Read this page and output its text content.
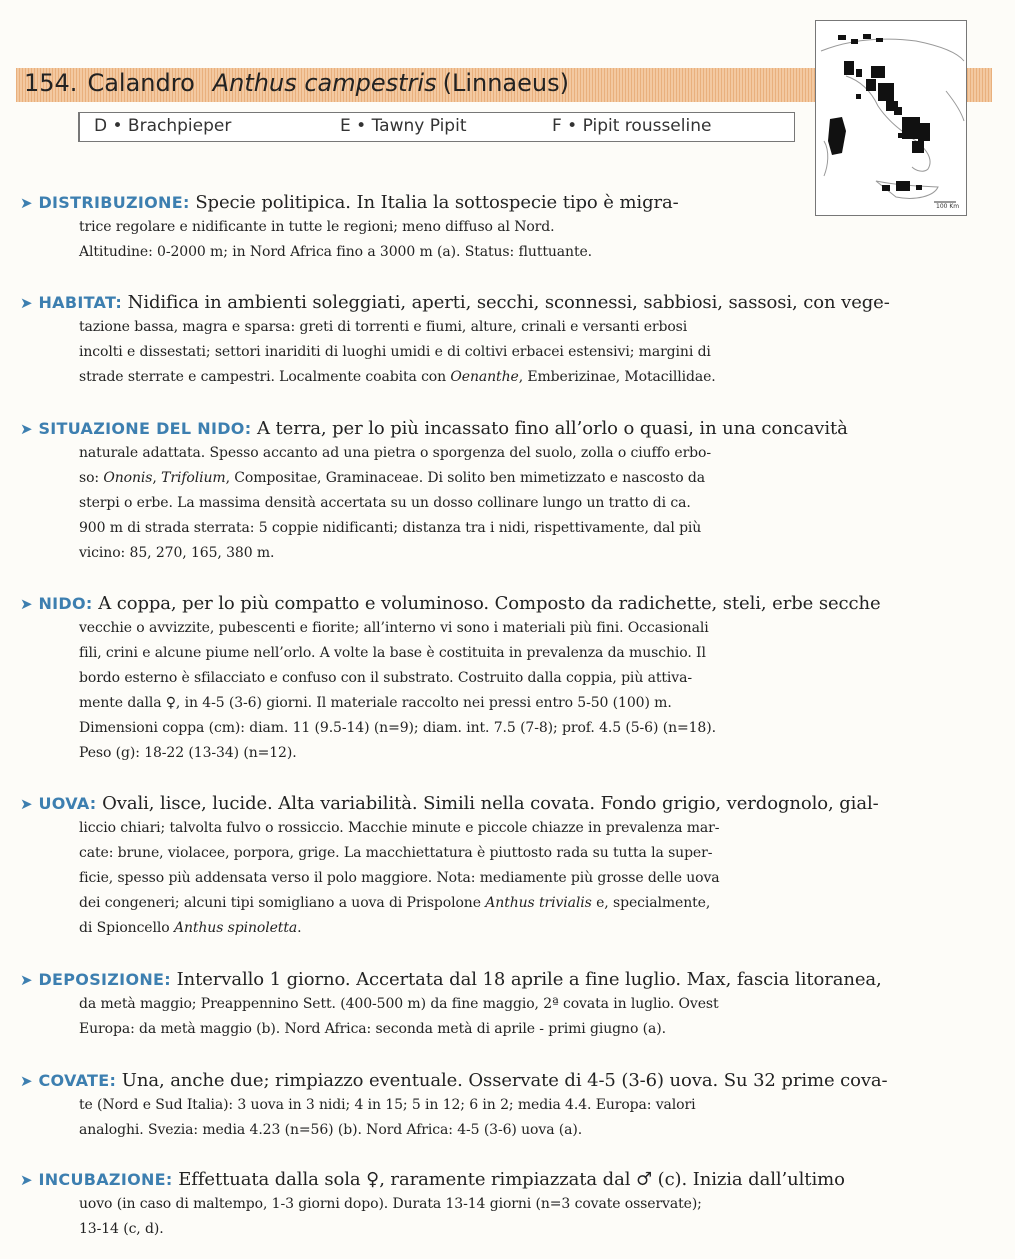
154. Calandro Anthus campestris (Linnaeus)
D • Brachpieper	E • Tawny Pipit	F • Pipit rousseline
100 Km
➤ DISTRIBUZIONE: Specie politipica. In Italia la sottospecie tipo è migra-
trice regolare e nidificante in tutte le regioni; meno diffuso al Nord.
Altitudine: 0-2000 m; in Nord Africa fino a 3000 m (a). Status: fluttuante.
➤ HABITAT: Nidifica in ambienti soleggiati, aperti, secchi, sconnessi, sabbiosi, sassosi, con vege-
tazione bassa, magra e sparsa: greti di torrenti e fiumi, alture, crinali e versanti erbosi
incolti e dissestati; settori inariditi di luoghi umidi e di coltivi erbacei estensivi; margini di
strade sterrate e campestri. Localmente coabita con Oenanthe, Emberizinae, Motacillidae.
➤ SITUAZIONE DEL NIDO: A terra, per lo più incassato fino all’orlo o quasi, in una concavità
naturale adattata. Spesso accanto ad una pietra o sporgenza del suolo, zolla o ciuffo erbo-
so: Ononis, Trifolium, Compositae, Graminaceae. Di solito ben mimetizzato e nascosto da
sterpi o erbe. La massima densità accertata su un dosso collinare lungo un tratto di ca.
900 m di strada sterrata: 5 coppie nidificanti; distanza tra i nidi, rispettivamente, dal più
vicino: 85, 270, 165, 380 m.
➤ NIDO: A coppa, per lo più compatto e voluminoso. Composto da radichette, steli, erbe secche
vecchie o avvizzite, pubescenti e fiorite; all’interno vi sono i materiali più fini. Occasionali
fili, crini e alcune piume nell’orlo. A volte la base è costituita in prevalenza da muschio. Il
bordo esterno è sfilacciato e confuso con il substrato. Costruito dalla coppia, più attiva-
mente dalla ♀, in 4-5 (3-6) giorni. Il materiale raccolto nei pressi entro 5-50 (100) m.
Dimensioni coppa (cm): diam. 11 (9.5-14) (n=9); diam. int. 7.5 (7-8); prof. 4.5 (5-6) (n=18).
Peso (g): 18-22 (13-34) (n=12).
➤ UOVA: Ovali, lisce, lucide. Alta variabilità. Simili nella covata. Fondo grigio, verdognolo, gial-
liccio chiari; talvolta fulvo o rossiccio. Macchie minute e piccole chiazze in prevalenza mar-
cate: brune, violacee, porpora, grige. La macchiettatura è piuttosto rada su tutta la super-
ficie, spesso più addensata verso il polo maggiore. Nota: mediamente più grosse delle uova
dei congeneri; alcuni tipi somigliano a uova di Prispolone Anthus trivialis e, specialmente,
di Spioncello Anthus spinoletta.
➤ DEPOSIZIONE: Intervallo 1 giorno. Accertata dal 18 aprile a fine luglio. Max, fascia litoranea,
da metà maggio; Preappennino Sett. (400-500 m) da fine maggio, 2ª covata in luglio. Ovest
Europa: da metà maggio (b). Nord Africa: seconda metà di aprile - primi giugno (a).
➤ COVATE: Una, anche due; rimpiazzo eventuale. Osservate di 4-5 (3-6) uova. Su 32 prime cova-
te (Nord e Sud Italia): 3 uova in 3 nidi; 4 in 15; 5 in 12; 6 in 2; media 4.4. Europa: valori
analoghi. Svezia: media 4.23 (n=56) (b). Nord Africa: 4-5 (3-6) uova (a).
➤ INCUBAZIONE: Effettuata dalla sola ♀, raramente rimpiazzata dal ♂ (c). Inizia dall’ultimo
uovo (in caso di maltempo, 1-3 giorni dopo). Durata 13-14 giorni (n=3 covate osservate);
13-14 (c, d).
